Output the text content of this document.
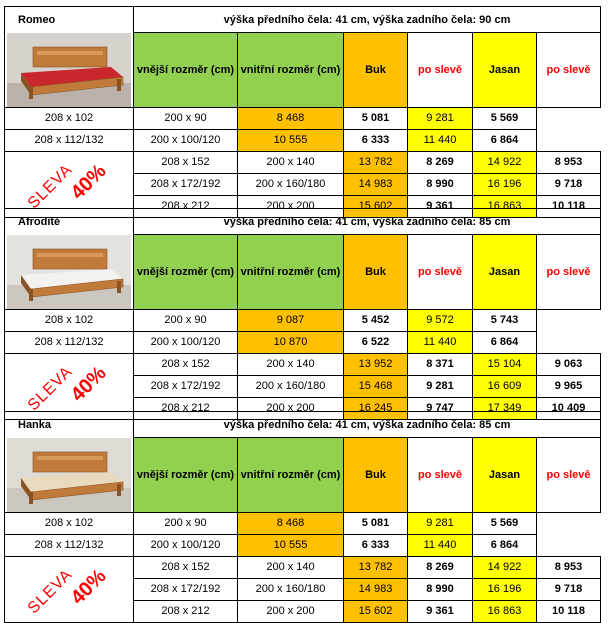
Romeo	výška předního čela: 41 cm, výška zadního čela: 90 cm					

	vnější rozměr (cm)	vnitřní rozměr (cm)	Buk	po slevě	Jasan	po slevě
208 x 102	200 x 90	8 468	5 081	9 281	5 569	
208 x 112/132	200 x 100/120	10 555	6 333	11 440	6 864	

SLEVA
40%	208 x 152	200 x 140	13 782	8 269	14 922	8 953
	208 x 172/192	200 x 160/180	14 983	8 990	16 196	9 718
	208 x 212	200 x 200	15 602	9 361	16 863	10 118
Afrodité	výška předního čela: 41 cm, výška zadního čela: 85 cm					

	vnější rozměr (cm)	vnitřní rozměr (cm)	Buk	po slevě	Jasan	po slevě
208 x 102	200 x 90	9 087	5 452	9 572	5 743	
208 x 112/132	200 x 100/120	10 870	6 522	11 440	6 864	

SLEVA
40%	208 x 152	200 x 140	13 952	8 371	15 104	9 063
	208 x 172/192	200 x 160/180	15 468	9 281	16 609	9 965
	208 x 212	200 x 200	16 245	9 747	17 349	10 409
Hanka	výška předního čela: 41 cm, výška zadního čela: 85 cm					

	vnější rozměr (cm)	vnitřní rozměr (cm)	Buk	po slevě	Jasan	po slevě
208 x 102	200 x 90	8 468	5 081	9 281	5 569	
208 x 112/132	200 x 100/120	10 555	6 333	11 440	6 864	

SLEVA
40%	208 x 152	200 x 140	13 782	8 269	14 922	8 953
	208 x 172/192	200 x 160/180	14 983	8 990	16 196	9 718
	208 x 212	200 x 200	15 602	9 361	16 863	10 118
